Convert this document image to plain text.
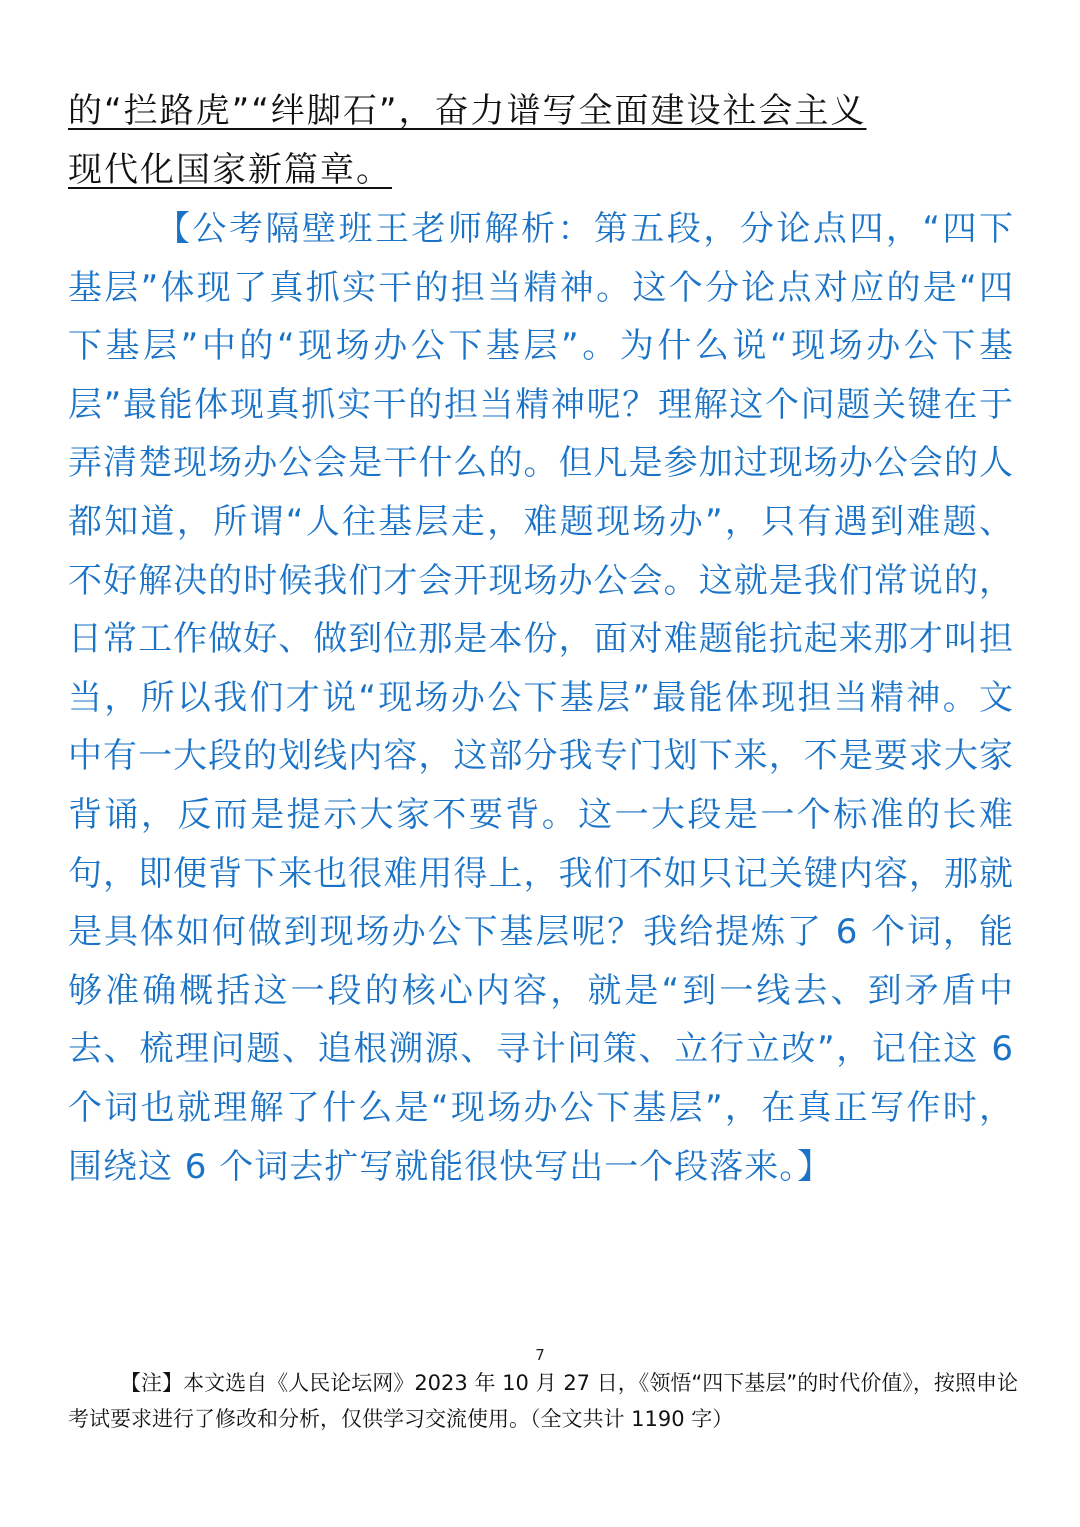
的“拦路虎”“绊脚石”，奋力谱写全面建设社会主义
现代化国家新篇章。

【公考隔壁班王老师解析：第五段，分论点四，“四下基层”体现了真抓实干的担当精神。这个分论点对应的是“四下基层”中的“现场办公下基层”。为什么说“现场办公下基层”最能体现真抓实干的担当精神呢？理解这个问题关键在于弄清楚现场办公会是干什么的。但凡是参加过现场办公会的人都知道，所谓“人往基层走，难题现场办”，只有遇到难题、不好解决的时候我们才会开现场办公会。这就是我们常说的，日常工作做好、做到位那是本份，面对难题能抗起来那才叫担当，所以我们才说“现场办公下基层”最能体现担当精神。文中有一大段的划线内容，这部分我专门划下来，不是要求大家背诵，反而是提示大家不要背。这一大段是一个标准的长难句，即便背下来也很难用得上，我们不如只记关键内容，那就是具体如何做到现场办公下基层呢？我给提炼了 6 个词，能够准确概括这一段的核心内容，就是“到一线去、到矛盾中去、梳理问题、追根溯源、寻计问策、立行立改”，记住这 6 个词也就理解了什么是“现场办公下基层”，在真正写作时，围绕这 6 个词去扩写就能很快写出一个段落来。】

7

【注】本文选自《人民论坛网》2023 年 10 月 27 日，《领悟“四下基层”的时代价值》，按照申论考试要求进行了修改和分析，仅供学习交流使用。（全文共计 1190 字）
